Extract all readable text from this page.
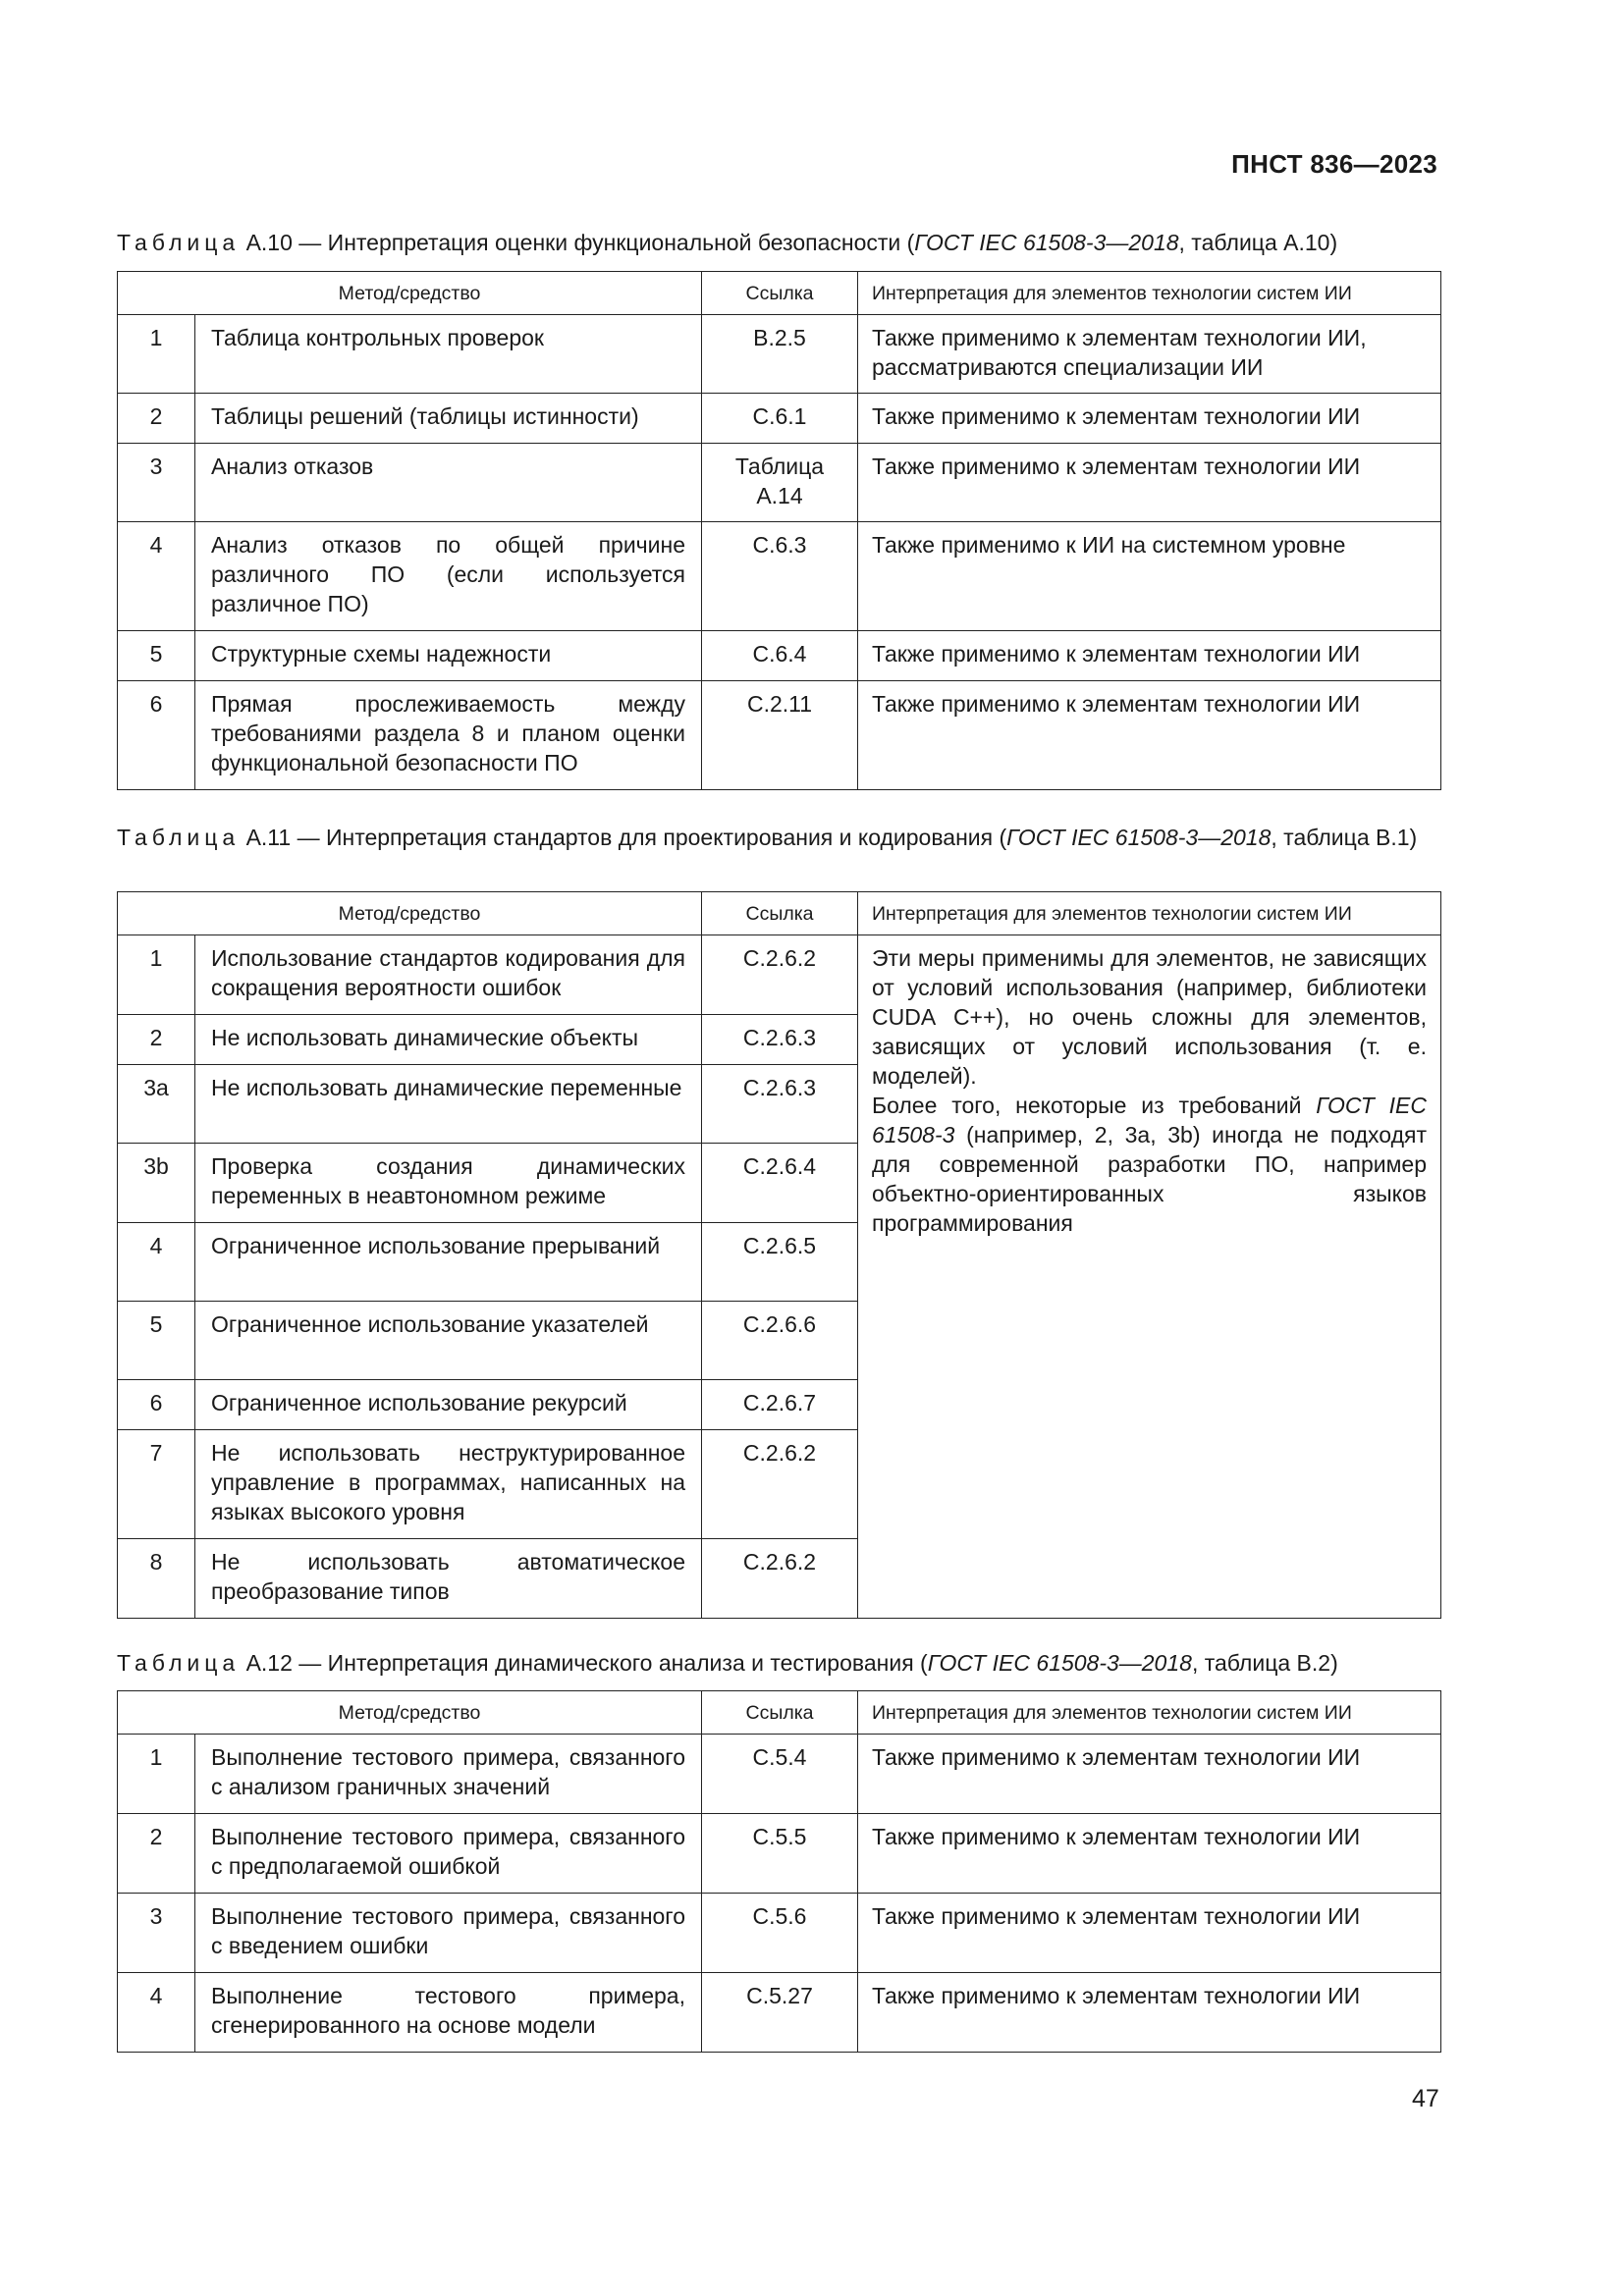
ПНСТ 836—2023
Таблица А.10 — Интерпретация оценки функциональной безопасности (ГОСТ IEC 61508-3—2018, таблица А.10)
Метод/средство		Ссылка	Интерпретация для элементов технологии систем ИИ
1	Таблица контрольных проверок	B.2.5	Также применимо к элементам технологии ИИ, рассматриваются специализации ИИ
2	Таблицы решений (таблицы истинности)	C.6.1	Также применимо к элементам технологии ИИ
3	Анализ отказов	Таблица А.14	Также применимо к элементам технологии ИИ
4	Анализ отказов по общей причине различного ПО (если используется различное ПО)	C.6.3	Также применимо к ИИ на системном уровне
5	Структурные схемы надежности	C.6.4	Также применимо к элементам технологии ИИ
6	Прямая прослеживаемость между требованиями раздела 8 и планом оценки функциональной безопасности ПО	C.2.11	Также применимо к элементам технологии ИИ
Таблица А.11 — Интерпретация стандартов для проектирования и кодирования (ГОСТ IEC 61508-3—2018, таблица В.1)
Метод/средство		Ссылка	Интерпретация для элементов технологии систем ИИ
1	Использование стандартов кодирования для сокращения вероятности ошибок	C.2.6.2	Эти меры применимы для элементов, не зависящих от условий использования (например, библиотеки CUDA C++), но очень сложны для элементов, зависящих от условий использования (т. е. моделей).
Более того, некоторые из требований ГОСТ IEC 61508-3 (например, 2, 3а, 3b) иногда не подходят для современной разработки ПО, например объектно-ориентированных языков программирования
2	Не использовать динамические объекты	C.2.6.3	
3a	Не использовать динамические переменные	C.2.6.3	
3b	Проверка создания динамических переменных в неавтономном режиме	C.2.6.4	
4	Ограниченное использование прерываний	C.2.6.5	
5	Ограниченное использование указателей	C.2.6.6	
6	Ограниченное использование рекурсий	C.2.6.7	
7	Не использовать неструктурированное управление в программах, написанных на языках высокого уровня	C.2.6.2	
8	Не использовать автоматическое преобразование типов	C.2.6.2	
Таблица А.12 — Интерпретация динамического анализа и тестирования (ГОСТ IEC 61508-3—2018, таблица В.2)
Метод/средство		Ссылка	Интерпретация для элементов технологии систем ИИ
1	Выполнение тестового примера, связанного с анализом граничных значений	C.5.4	Также применимо к элементам технологии ИИ
2	Выполнение тестового примера, связанного с предполагаемой ошибкой	C.5.5	Также применимо к элементам технологии ИИ
3	Выполнение тестового примера, связанного с введением ошибки	C.5.6	Также применимо к элементам технологии ИИ
4	Выполнение тестового примера, сгенерированного на основе модели	C.5.27	Также применимо к элементам технологии ИИ
47
